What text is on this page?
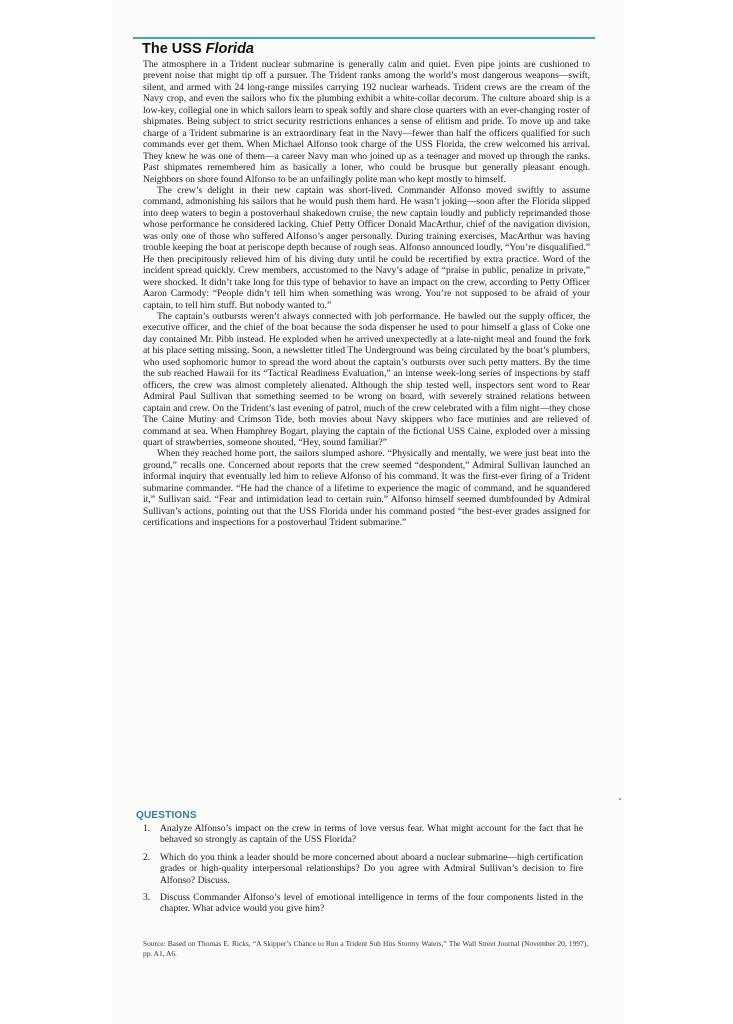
The USS Florida

The atmosphere in a Trident nuclear submarine is generally calm and quiet. Even pipe joints are cushioned to prevent noise that might tip off a pursuer. The Trident ranks among the world’s most dangerous weapons—swift, silent, and armed with 24 long-range missiles carrying 192 nuclear warheads. Trident crews are the cream of the Navy crop, and even the sailors who fix the plumbing exhibit a white-collar decorum. The culture aboard ship is a low-key, collegial one in which sailors learn to speak softly and share close quarters with an ever-changing roster of shipmates. Being subject to strict security restrictions enhances a sense of elitism and pride. To move up and take charge of a Trident submarine is an extraordinary feat in the Navy—fewer than half the officers qualified for such commands ever get them. When Michael Alfonso took charge of the USS Florida, the crew welcomed his arrival. They knew he was one of them—a career Navy man who joined up as a teenager and moved up through the ranks. Past shipmates remembered him as basically a loner, who could be brusque but generally pleasant enough. Neighbors on shore found Alfonso to be an unfailingly polite man who kept mostly to himself.

The crew’s delight in their new captain was short-lived. Commander Alfonso moved swiftly to assume command, admonishing his sailors that he would push them hard. He wasn’t joking—soon after the Florida slipped into deep waters to begin a postoverhaul shakedown cruise, the new captain loudly and publicly reprimanded those whose performance he considered lacking. Chief Petty Officer Donald MacArthur, chief of the navigation division, was only one of those who suffered Alfonso’s anger personally. During training exercises, MacArthur was having trouble keeping the boat at periscope depth because of rough seas. Alfonso announced loudly, “You’re disqualified.” He then precipitously relieved him of his diving duty until he could be recertified by extra practice. Word of the incident spread quickly. Crew members, accustomed to the Navy’s adage of “praise in public, penalize in private,” were shocked. It didn’t take long for this type of behavior to have an impact on the crew, according to Petty Officer Aaron Carmody: “People didn’t tell him when something was wrong. You’re not supposed to be afraid of your captain, to tell him stuff. But nobody wanted to.”

The captain’s outbursts weren’t always connected with job performance. He bawled out the supply officer, the executive officer, and the chief of the boat because the soda dispenser he used to pour himself a glass of Coke one day contained Mr. Pibb instead. He exploded when he arrived unexpectedly at a late-night meal and found the fork at his place setting missing. Soon, a newsletter titled The Underground was being circulated by the boat’s plumbers, who used sophomoric humor to spread the word about the captain’s outbursts over such petty matters. By the time the sub reached Hawaii for its “Tactical Readiness Evaluation,” an intense week-long series of inspections by staff officers, the crew was almost completely alienated. Although the ship tested well, inspectors sent word to Rear Admiral Paul Sullivan that something seemed to be wrong on board, with severely strained relations between captain and crew. On the Trident’s last evening of patrol, much of the crew celebrated with a film night—they chose The Caine Mutiny and Crimson Tide, both movies about Navy skippers who face mutinies and are relieved of command at sea. When Humphrey Bogart, playing the captain of the fictional USS Caine, exploded over a missing quart of strawberries, someone shouted, “Hey, sound familiar?”

When they reached home port, the sailors slumped ashore. “Physically and mentally, we were just beat into the ground,” recalls one. Concerned about reports that the crew seemed “despondent,” Admiral Sullivan launched an informal inquiry that eventually led him to relieve Alfonso of his command. It was the first-ever firing of a Trident submarine commander. “He had the chance of a lifetime to experience the magic of command, and he squandered it,” Sullivan said. “Fear and intimidation lead to certain ruin.” Alfonso himself seemed dumbfounded by Admiral Sullivan’s actions, pointing out that the USS Florida under his command posted “the best-ever grades assigned for certifications and inspections for a postoverhaul Trident submarine.”

QUESTIONS
1. Analyze Alfonso’s impact on the crew in terms of love versus fear. What might account for the fact that he behaved so strongly as captain of the USS Florida?
2. Which do you think a leader should be more concerned about aboard a nuclear submarine—high certification grades or high-quality interpersonal relationships? Do you agree with Admiral Sullivan’s decision to fire Alfonso? Discuss.
3. Discuss Commander Alfonso’s level of emotional intelligence in terms of the four components listed in the chapter. What advice would you give him?
Source: Based on Thomas E. Ricks, “A Skipper’s Chance to Run a Trident Sub Hits Stormy Waters,” The Wall Street Journal (November 20, 1997), pp. A1, A6.
